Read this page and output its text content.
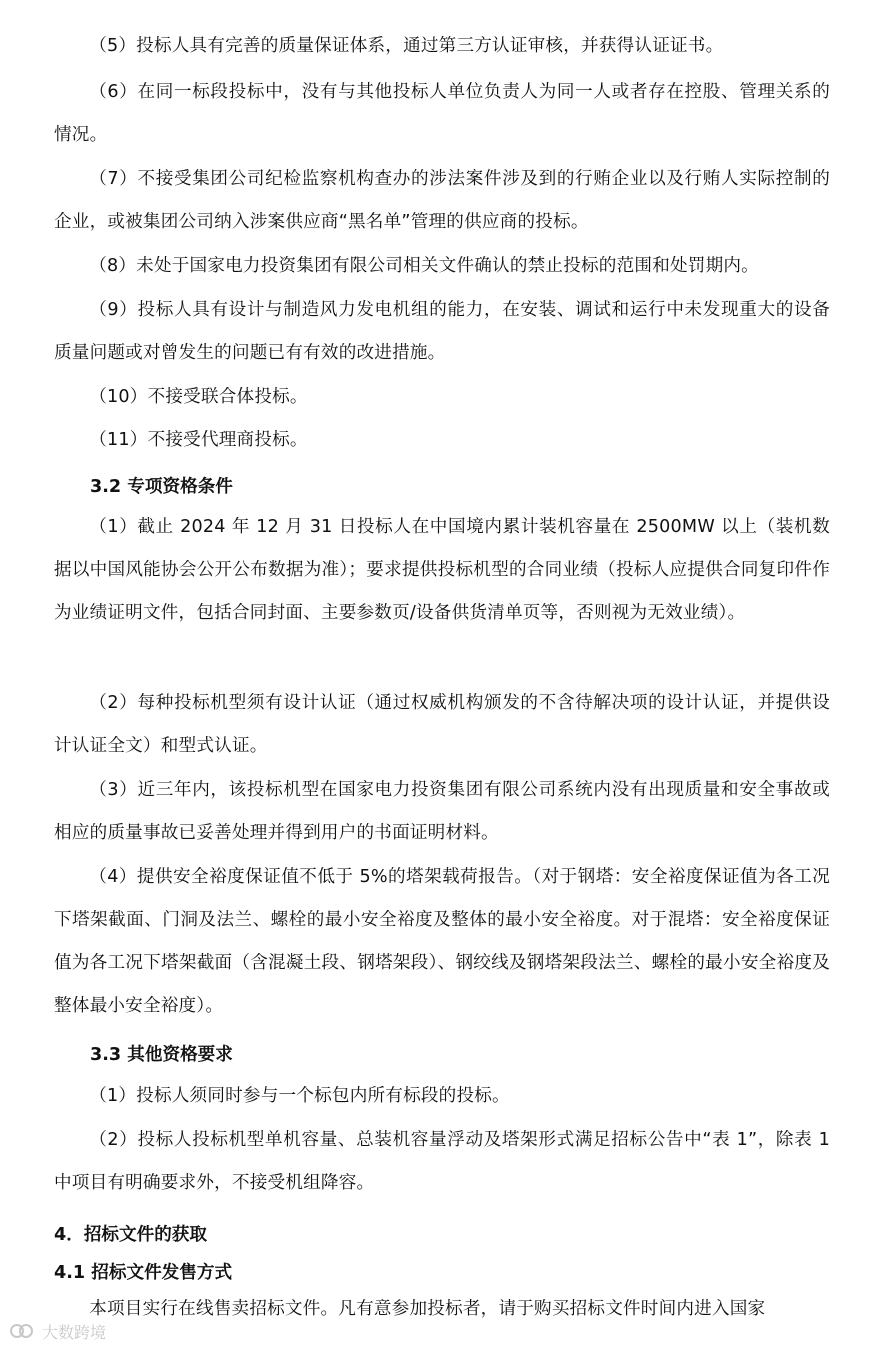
（5）投标人具有完善的质量保证体系，通过第三方认证审核，并获得认证证书。

（6）在同一标段投标中，没有与其他投标人单位负责人为同一人或者存在控股、管理关系的情况。

（7）不接受集团公司纪检监察机构查办的涉法案件涉及到的行贿企业以及行贿人实际控制的企业，或被集团公司纳入涉案供应商“黑名单”管理的供应商的投标。

（8）未处于国家电力投资集团有限公司相关文件确认的禁止投标的范围和处罚期内。

（9）投标人具有设计与制造风力发电机组的能力，在安装、调试和运行中未发现重大的设备质量问题或对曾发生的问题已有有效的改进措施。

（10）不接受联合体投标。

（11）不接受代理商投标。

3.2 专项资格条件

（1）截止 2024 年 12 月 31 日投标人在中国境内累计装机容量在 2500MW 以上（装机数据以中国风能协会公开公布数据为准）；要求提供投标机型的合同业绩（投标人应提供合同复印件作为业绩证明文件，包括合同封面、主要参数页/设备供货清单页等，否则视为无效业绩）。

（2）每种投标机型须有设计认证（通过权威机构颁发的不含待解决项的设计认证，并提供设计认证全文）和型式认证。

（3）近三年内，该投标机型在国家电力投资集团有限公司系统内没有出现质量和安全事故或相应的质量事故已妥善处理并得到用户的书面证明材料。

（4）提供安全裕度保证值不低于 5%的塔架载荷报告。（对于钢塔：安全裕度保证值为各工况下塔架截面、门洞及法兰、螺栓的最小安全裕度及整体的最小安全裕度。对于混塔：安全裕度保证值为各工况下塔架截面（含混凝土段、钢塔架段）、钢绞线及钢塔架段法兰、螺栓的最小安全裕度及整体最小安全裕度）。

3.3 其他资格要求

（1）投标人须同时参与一个标包内所有标段的投标。

（2）投标人投标机型单机容量、总装机容量浮动及塔架形式满足招标公告中“表 1”，除表 1 中项目有明确要求外，不接受机组降容。

4．招标文件的获取
4.1 招标文件发售方式

本项目实行在线售卖招标文件。凡有意参加投标者，请于购买招标文件时间内进入国家

大数跨境
